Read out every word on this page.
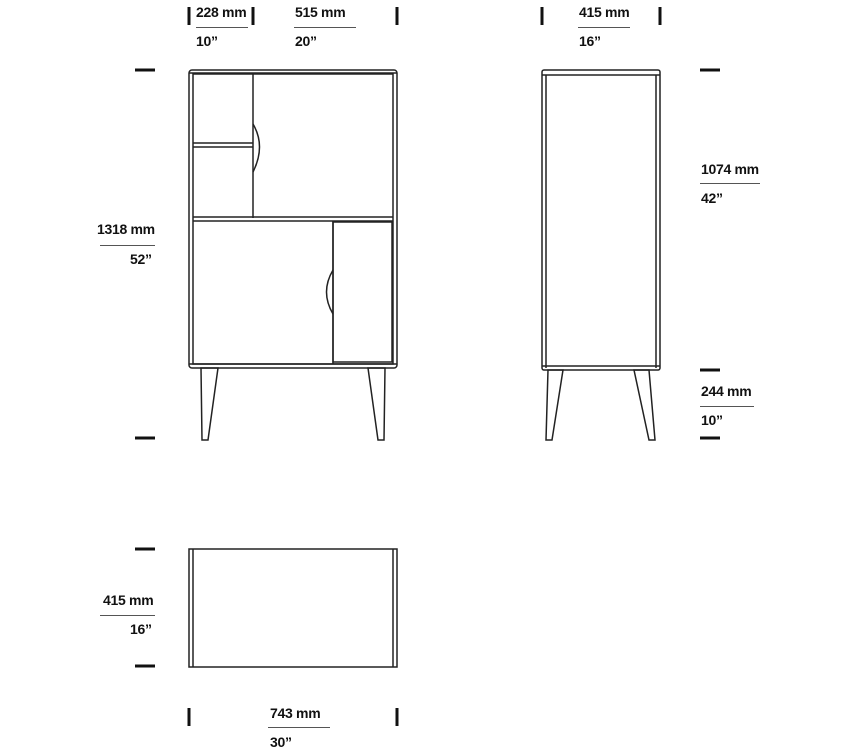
228 mm
10”
515 mm
20”
415 mm
16”
1318 mm
52”
1074 mm
42”
244 mm
10”
415 mm
16”
743 mm
30”
